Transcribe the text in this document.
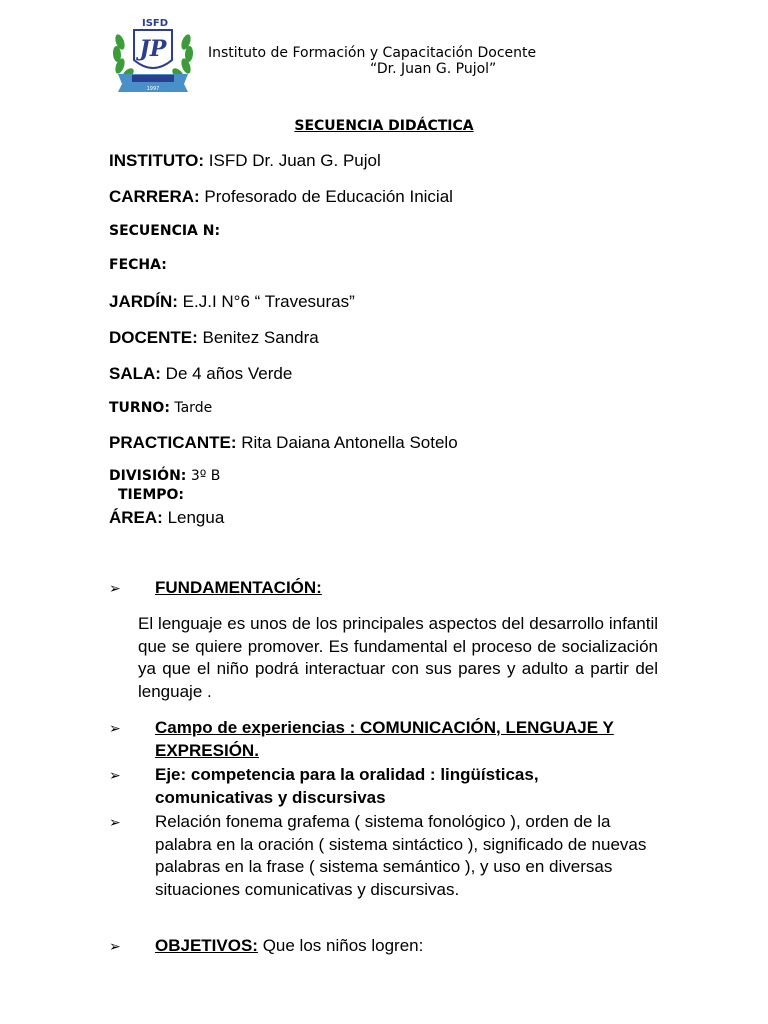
ISFD
JP
1997
Instituto de Formación y Capacitación Docente
“Dr. Juan G. Pujol”
SECUENCIA DIDÁCTICA
INSTITUTO: ISFD Dr. Juan G. Pujol
CARRERA: Profesorado de Educación Inicial
SECUENCIA N:
FECHA:
JARDÍN: E.J.I N°6 “ Travesuras”
DOCENTE: Benitez Sandra
SALA: De 4 años Verde
TURNO: Tarde
PRACTICANTE: Rita Daiana Antonella Sotelo
DIVISIÓN: 3º B
TIEMPO:
ÁREA: Lengua
➢ FUNDAMENTACIÓN:
El lenguaje es unos de los principales aspectos del desarrollo infantil que se quiere promover. Es fundamental el proceso de socialización ya que el niño podrá interactuar con sus pares y adulto a partir del lenguaje .
➢ Campo de experiencias : COMUNICACIÓN, LENGUAJE Y EXPRESIÓN.
➢ Eje: competencia para la oralidad : lingüísticas, comunicativas y discursivas
➢ Relación fonema grafema ( sistema fonológico ), orden de la palabra en la oración ( sistema sintáctico ), significado de nuevas palabras en la frase ( sistema semántico ), y uso en diversas situaciones comunicativas y discursivas.
➢ OBJETIVOS: Que los niños logren:
